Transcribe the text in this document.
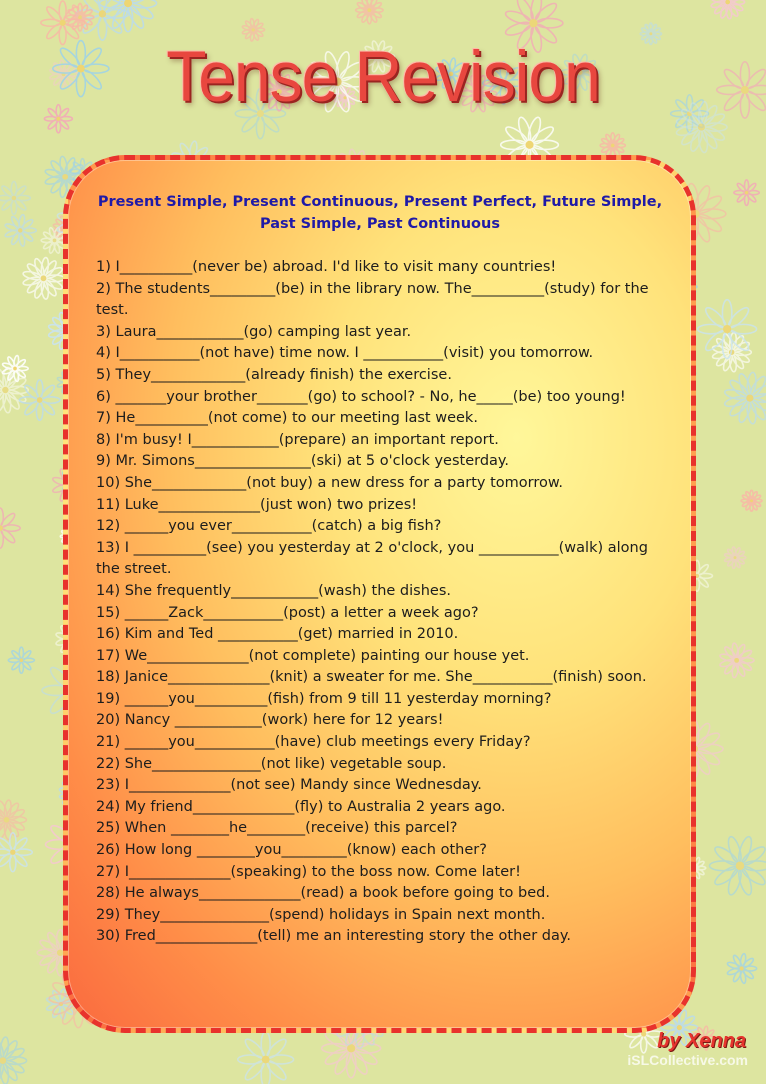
Tense Revision

Present Simple, Present Continuous, Present Perfect, Future Simple, Past Simple, Past Continuous

1) I__________(never be) abroad. I'd like to visit many countries!
2) The students_________(be) in the library now. The__________(study) for the test.
3) Laura____________(go) camping last year.
4) I___________(not have) time now. I ___________(visit) you tomorrow.
5) They_____________(already finish) the exercise.
6) _______your brother_______(go) to school? - No, he_____(be) too young!
7) He__________(not come) to our meeting last week.
8) I'm busy! I____________(prepare) an important report.
9) Mr. Simons________________(ski) at 5 o'clock yesterday.
10) She_____________(not buy) a new dress for a party tomorrow.
11) Luke______________(just won) two prizes!
12) ______you ever___________(catch) a big fish?
13) I __________(see) you yesterday at 2 o'clock, you ___________(walk) along the street.
14) She frequently____________(wash) the dishes.
15) ______Zack___________(post) a letter a week ago?
16) Kim and Ted ___________(get) married in 2010.
17) We______________(not complete) painting our house yet.
18) Janice______________(knit) a sweater for me. She___________(finish) soon.
19) ______you__________(fish) from 9 till 11 yesterday morning?
20) Nancy ____________(work) here for 12 years!
21) ______you___________(have) club meetings every Friday?
22) She_______________(not like) vegetable soup.
23) I______________(not see) Mandy since Wednesday.
24) My friend______________(fly) to Australia 2 years ago.
25) When ________he________(receive) this parcel?
26) How long ________you_________(know) each other?
27) I______________(speaking) to the boss now. Come later!
28) He always______________(read) a book before going to bed.
29) They_______________(spend) holidays in Spain next month.
30) Fred______________(tell) me an interesting story the other day.
by Xenna
iSLCollective.com
